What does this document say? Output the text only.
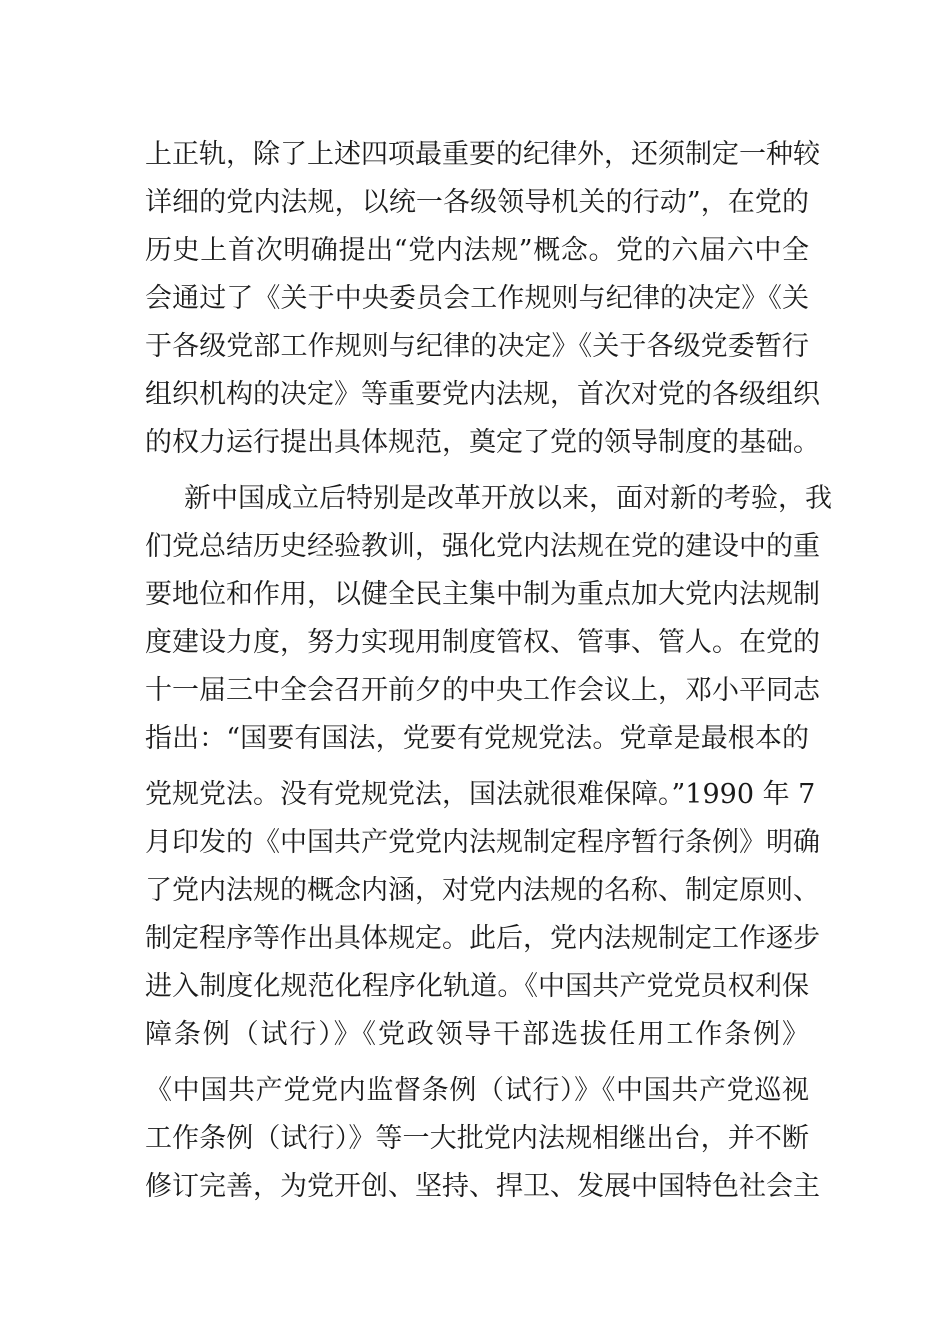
上正轨，除了上述四项最重要的纪律外，还须制定一种较
详细的党内法规，以统一各级领导机关的行动”，在党的
历史上首次明确提出“党内法规”概念。党的六届六中全
会通过了《关于中央委员会工作规则与纪律的决定》《关
于各级党部工作规则与纪律的决定》《关于各级党委暂行
组织机构的决定》等重要党内法规，首次对党的各级组织
的权力运行提出具体规范，奠定了党的领导制度的基础。
新中国成立后特别是改革开放以来，面对新的考验，我
们党总结历史经验教训，强化党内法规在党的建设中的重
要地位和作用，以健全民主集中制为重点加大党内法规制
度建设力度，努力实现用制度管权、管事、管人。在党的
十一届三中全会召开前夕的中央工作会议上，邓小平同志
指出：“国要有国法，党要有党规党法。党章是最根本的
党规党法。没有党规党法，国法就很难保障。”1990 年 7
月印发的《中国共产党党内法规制定程序暂行条例》明确
了党内法规的概念内涵，对党内法规的名称、制定原则、
制定程序等作出具体规定。此后，党内法规制定工作逐步
进入制度化规范化程序化轨道。《中国共产党党员权利保
障条例（试行）》《党政领导干部选拔任用工作条例》
《中国共产党党内监督条例（试行）》《中国共产党巡视
工作条例（试行）》等一大批党内法规相继出台，并不断
修订完善，为党开创、坚持、捍卫、发展中国特色社会主
